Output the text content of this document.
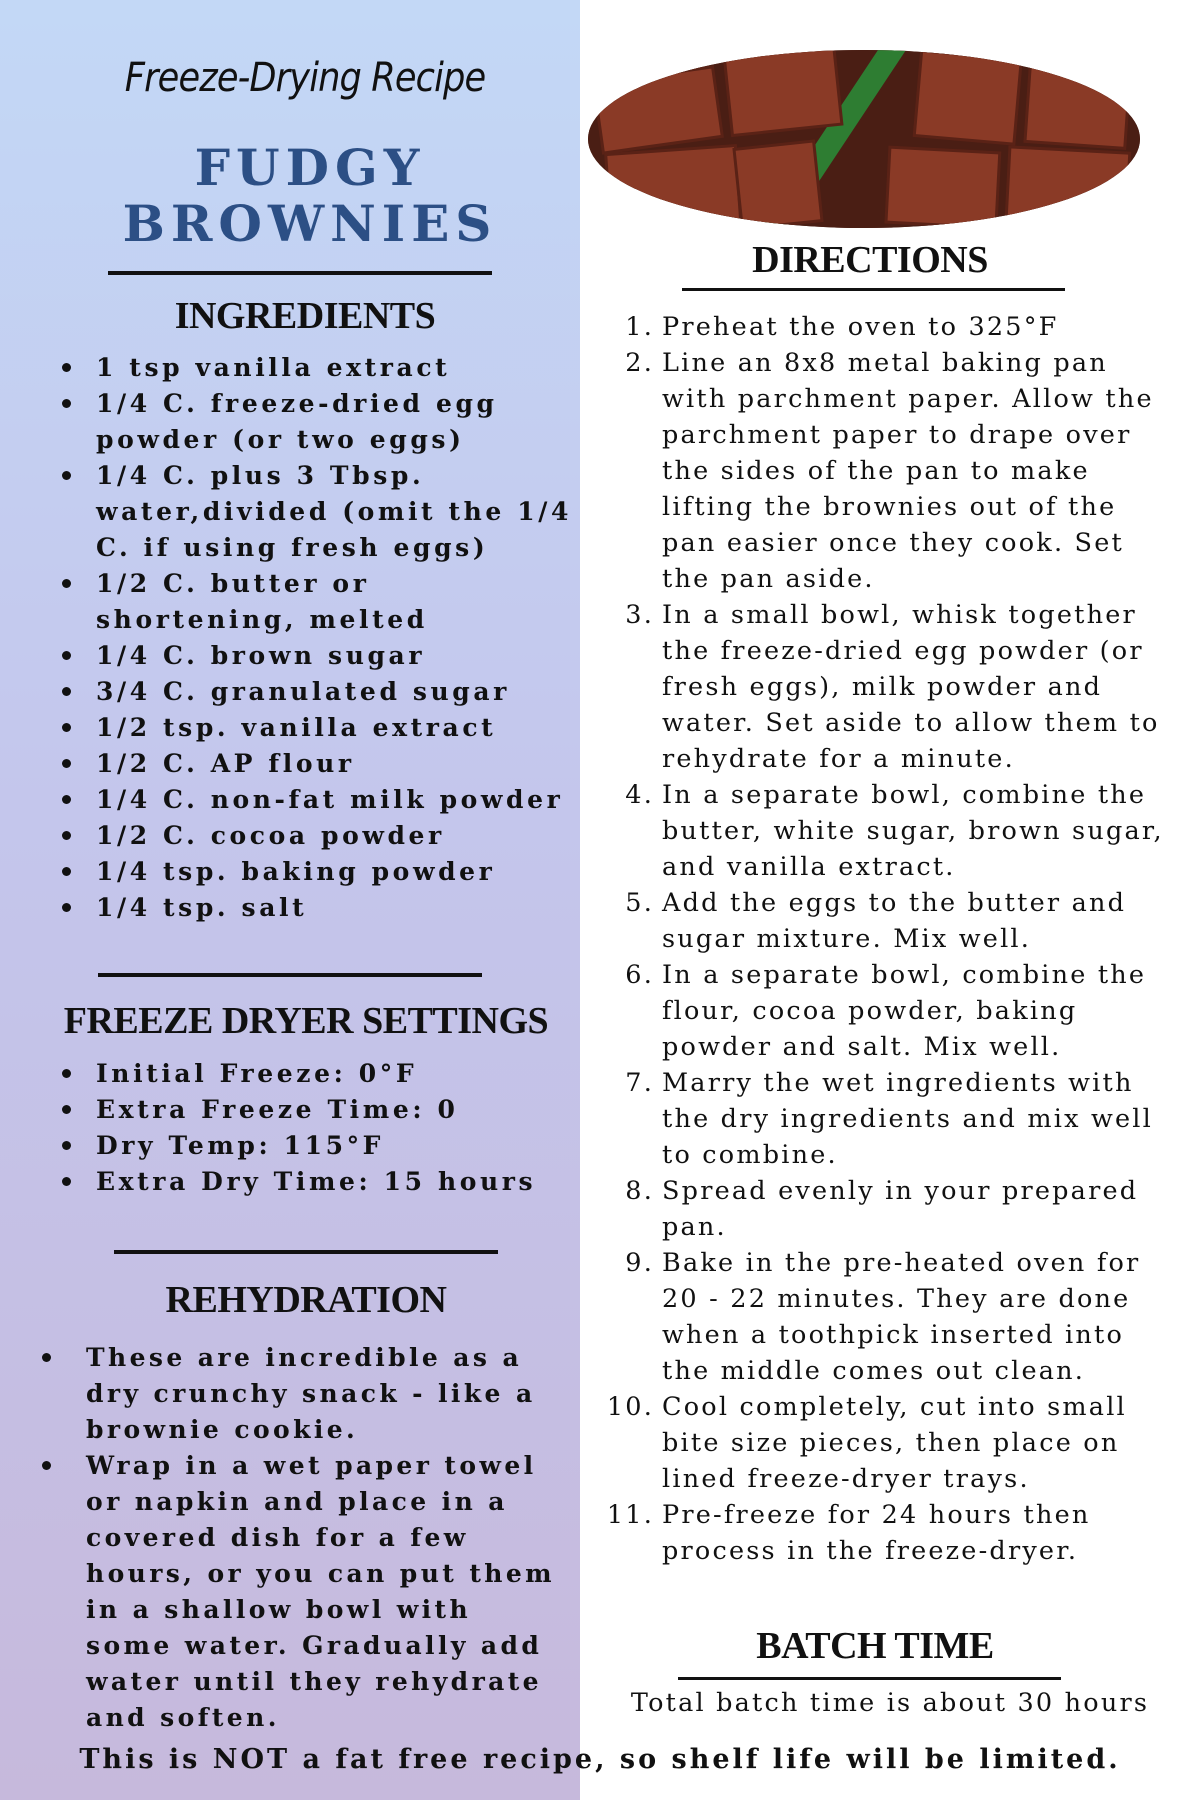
Freeze-Drying Recipe
FUDGY
BROWNIES
INGREDIENTS
1 tsp vanilla extract
1/4 C. freeze-dried egg powder (or two eggs)
1/4 C. plus 3 Tbsp. water,divided (omit the 1/4 C. if using fresh eggs)
1/2 C. butter or shortening, melted
1/4 C. brown sugar
3/4 C. granulated sugar
1/2 tsp. vanilla extract
1/2 C. AP flour
1/4 C. non-fat milk powder
1/2 C. cocoa powder
1/4 tsp. baking powder
1/4 tsp. salt
FREEZE DRYER SETTINGS
Initial Freeze: 0°F
Extra Freeze Time: 0
Dry Temp: 115°F
Extra Dry Time: 15 hours
REHYDRATION
These are incredible as a dry crunchy snack - like a brownie cookie.
Wrap in a wet paper towel or napkin and place in a covered dish for a few hours, or you can put them in a shallow bowl with some water. Gradually add water until they rehydrate and soften.
DIRECTIONS
1. Preheat the oven to 325°F
2. Line an 8x8 metal baking pan with parchment paper. Allow the parchment paper to drape over the sides of the pan to make lifting the brownies out of the pan easier once they cook. Set the pan aside.
3. In a small bowl, whisk together the freeze-dried egg powder (or fresh eggs), milk powder and water. Set aside to allow them to rehydrate for a minute.
4. In a separate bowl, combine the butter, white sugar, brown sugar, and vanilla extract.
5. Add the eggs to the butter and sugar mixture. Mix well.
6. In a separate bowl, combine the flour, cocoa powder, baking powder and salt. Mix well.
7. Marry the wet ingredients with the dry ingredients and mix well to combine.
8. Spread evenly in your prepared pan.
9. Bake in the pre-heated oven for 20 - 22 minutes. They are done when a toothpick inserted into the middle comes out clean.
10. Cool completely, cut into small bite size pieces, then place on lined freeze-dryer trays.
11. Pre-freeze for 24 hours then process in the freeze-dryer.
BATCH TIME
Total batch time is about 30 hours
This is NOT a fat free recipe, so shelf life will be limited.
